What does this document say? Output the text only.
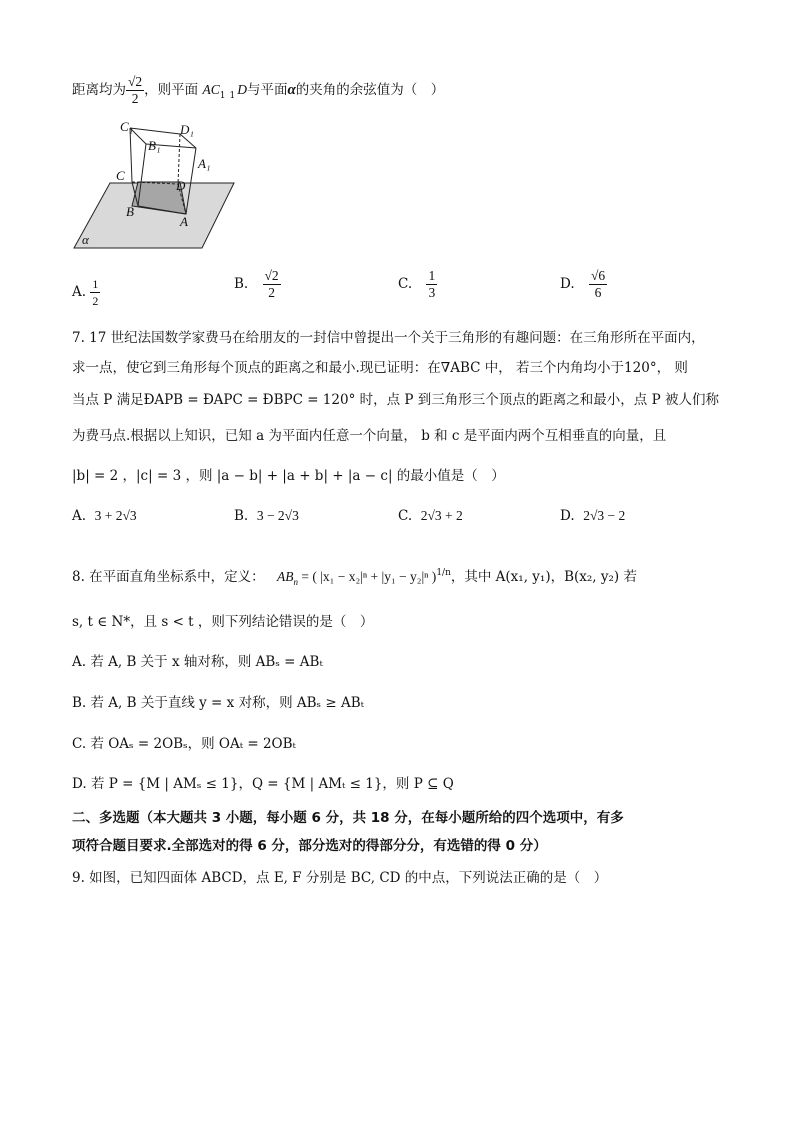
距离均为 $\frac{√2}{2}$ ，则平面 $AC_1$ $_1$ D与平面α的夹角的余弦值为（　）
C₁	D₁
B₁
A₁
C
D
B
A
α
A. $\frac{1}{2}$	B. $\frac{√2}{2}$	C. $\frac{1}{3}$	D. $\frac{√6}{6}$
7. 17 世纪法国数学家费马在给朋友的一封信中曾提出一个关于三角形的有趣问题：在三角形所在平面内，
求一点，使它到三角形每个顶点的距离之和最小.现已证明：在∇ABC 中， 若三个内角均小于120°， 则
当点 P 满足ÐAPB = ÐAPC = ÐBPC = 120° 时，点 P 到三角形三个顶点的距离之和最小，点 P 被人们称
为费马点.根据以上知识，已知 a 为平面内任意一个向量， b 和 c 是平面内两个互相垂直的向量，且
|b| = 2 ，|c| = 3 ，则 |a − b| + |a + b| + |a − c| 的最小值是（　）
A. 3 + 2√3	B. 3 − 2√3	C. 2√3 + 2	D. 2√3 − 2
8. 在平面直角坐标系中，定义： $AB_n$ = ( |x₁ − x₂|ⁿ + |y₁ − y₂|ⁿ )$^{1/n}$，其中 A(x₁, y₁)，B(x₂, y₂) 若
s, t ∈ N*，且 s < t ，则下列结论错误的是（　）
A. 若 A, B 关于 x 轴对称，则 ABₛ = ABₜ
B. 若 A, B 关于直线 y = x 对称，则 ABₛ ≥ ABₜ
C. 若 OAₛ = 2OBₛ，则 OAₜ = 2OBₜ
D. 若 P = {M | AMₛ ≤ 1}，Q = {M | AMₜ ≤ 1}，则 P ⊆ Q
二、多选题（本大题共 3 小题，每小题 6 分，共 18 分，在每小题所给的四个选项中，有多
项符合题目要求.全部选对的得 6 分，部分选对的得部分分，有选错的得 0 分）
9. 如图，已知四面体 ABCD，点 E, F 分别是 BC, CD 的中点，下列说法正确的是（　）
